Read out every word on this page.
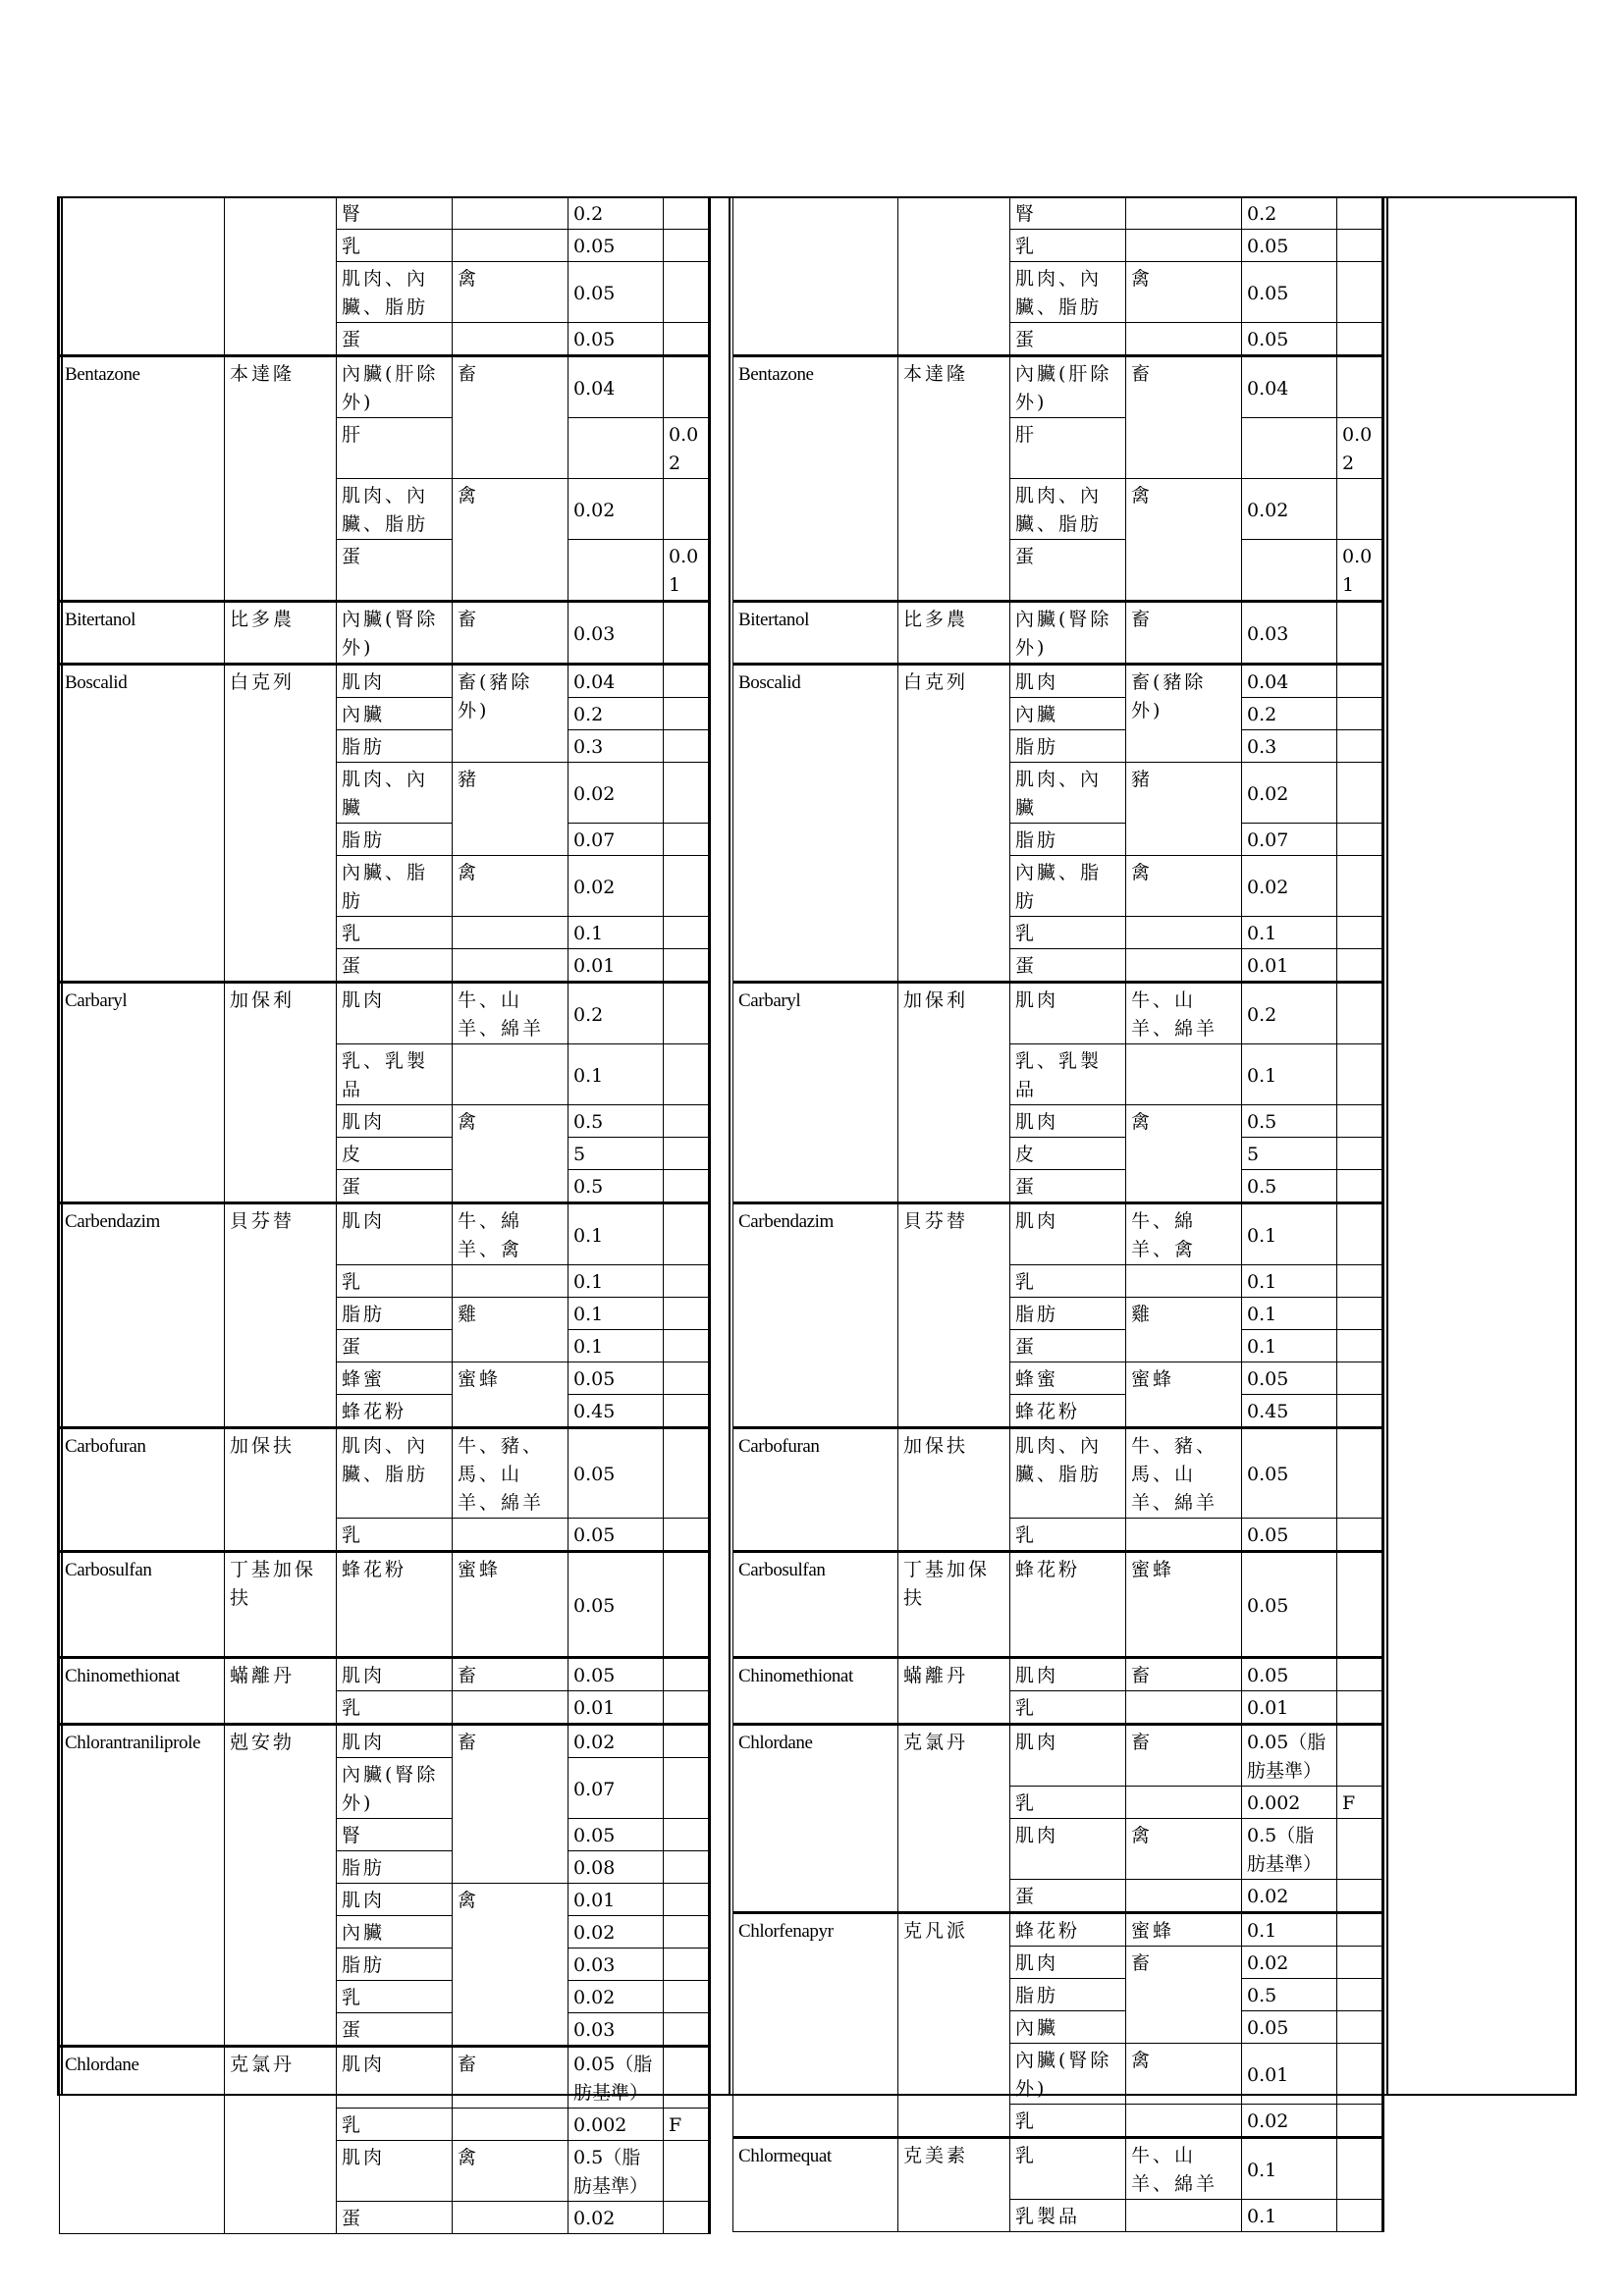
		腎		0.2	
		乳		0.05	
		肌肉、內臟、脂肪	禽	0.05	
		蛋		0.05	
Bentazone	本達隆	內臟(肝除外)	畜	0.04	
		肝			0.02
		肌肉、內臟、脂肪	禽	0.02	
		蛋			0.01
Bitertanol	比多農	內臟(腎除外)	畜	0.03	
Boscalid	白克列	肌肉	畜(豬除外)	0.04	
		內臟		0.2	
		脂肪		0.3	
		肌肉、內臟	豬	0.02	
		脂肪		0.07	
		內臟、脂肪	禽	0.02	
		乳		0.1	
		蛋		0.01	
Carbaryl	加保利	肌肉	牛、山羊、綿羊	0.2	
		乳、乳製品		0.1	
		肌肉	禽	0.5	
		皮		5	
		蛋		0.5	
Carbendazim	貝芬替	肌肉	牛、綿羊、禽	0.1	
		乳		0.1	
		脂肪	雞	0.1	
		蛋		0.1	
		蜂蜜	蜜蜂	0.05	
		蜂花粉		0.45	
Carbofuran	加保扶	肌肉、內臟、脂肪	牛、豬、馬、山羊、綿羊	0.05	
		乳		0.05	
Carbosulfan	丁基加保扶	蜂花粉	蜜蜂	0.05	
Chinomethionat	蟎離丹	肌肉	畜	0.05	
		乳		0.01	
Chlorantraniliprole	剋安勃	肌肉	畜	0.02	
		內臟(腎除外)		0.07	
		腎		0.05	
		脂肪		0.08	
		肌肉	禽	0.01	
		內臟		0.02	
		脂肪		0.03	
		乳		0.02	
		蛋		0.03	
Chlordane	克氯丹	肌肉	畜	0.05（脂肪基準）	
		乳		0.002	F
		肌肉	禽	0.5（脂肪基準）	
		蛋		0.02	
		腎		0.2	
		乳		0.05	
		肌肉、內臟、脂肪	禽	0.05	
		蛋		0.05	
Bentazone	本達隆	內臟(肝除外)	畜	0.04	
		肝			0.02
		肌肉、內臟、脂肪	禽	0.02	
		蛋			0.01
Bitertanol	比多農	內臟(腎除外)	畜	0.03	
Boscalid	白克列	肌肉	畜(豬除外)	0.04	
		內臟		0.2	
		脂肪		0.3	
		肌肉、內臟	豬	0.02	
		脂肪		0.07	
		內臟、脂肪	禽	0.02	
		乳		0.1	
		蛋		0.01	
Carbaryl	加保利	肌肉	牛、山羊、綿羊	0.2	
		乳、乳製品		0.1	
		肌肉	禽	0.5	
		皮		5	
		蛋		0.5	
Carbendazim	貝芬替	肌肉	牛、綿羊、禽	0.1	
		乳		0.1	
		脂肪	雞	0.1	
		蛋		0.1	
		蜂蜜	蜜蜂	0.05	
		蜂花粉		0.45	
Carbofuran	加保扶	肌肉、內臟、脂肪	牛、豬、馬、山羊、綿羊	0.05	
		乳		0.05	
Carbosulfan	丁基加保扶	蜂花粉	蜜蜂	0.05	
Chinomethionat	蟎離丹	肌肉	畜	0.05	
		乳		0.01	
Chlordane	克氯丹	肌肉	畜	0.05（脂肪基準）	
		乳		0.002	F
		肌肉	禽	0.5（脂肪基準）	
		蛋		0.02	
Chlorfenapyr	克凡派	蜂花粉	蜜蜂	0.1	
		肌肉	畜	0.02	
		脂肪		0.5	
		內臟		0.05	
		內臟(腎除外)	禽	0.01	
		乳		0.02	
Chlormequat	克美素	乳	牛、山羊、綿羊	0.1	
		乳製品		0.1	
